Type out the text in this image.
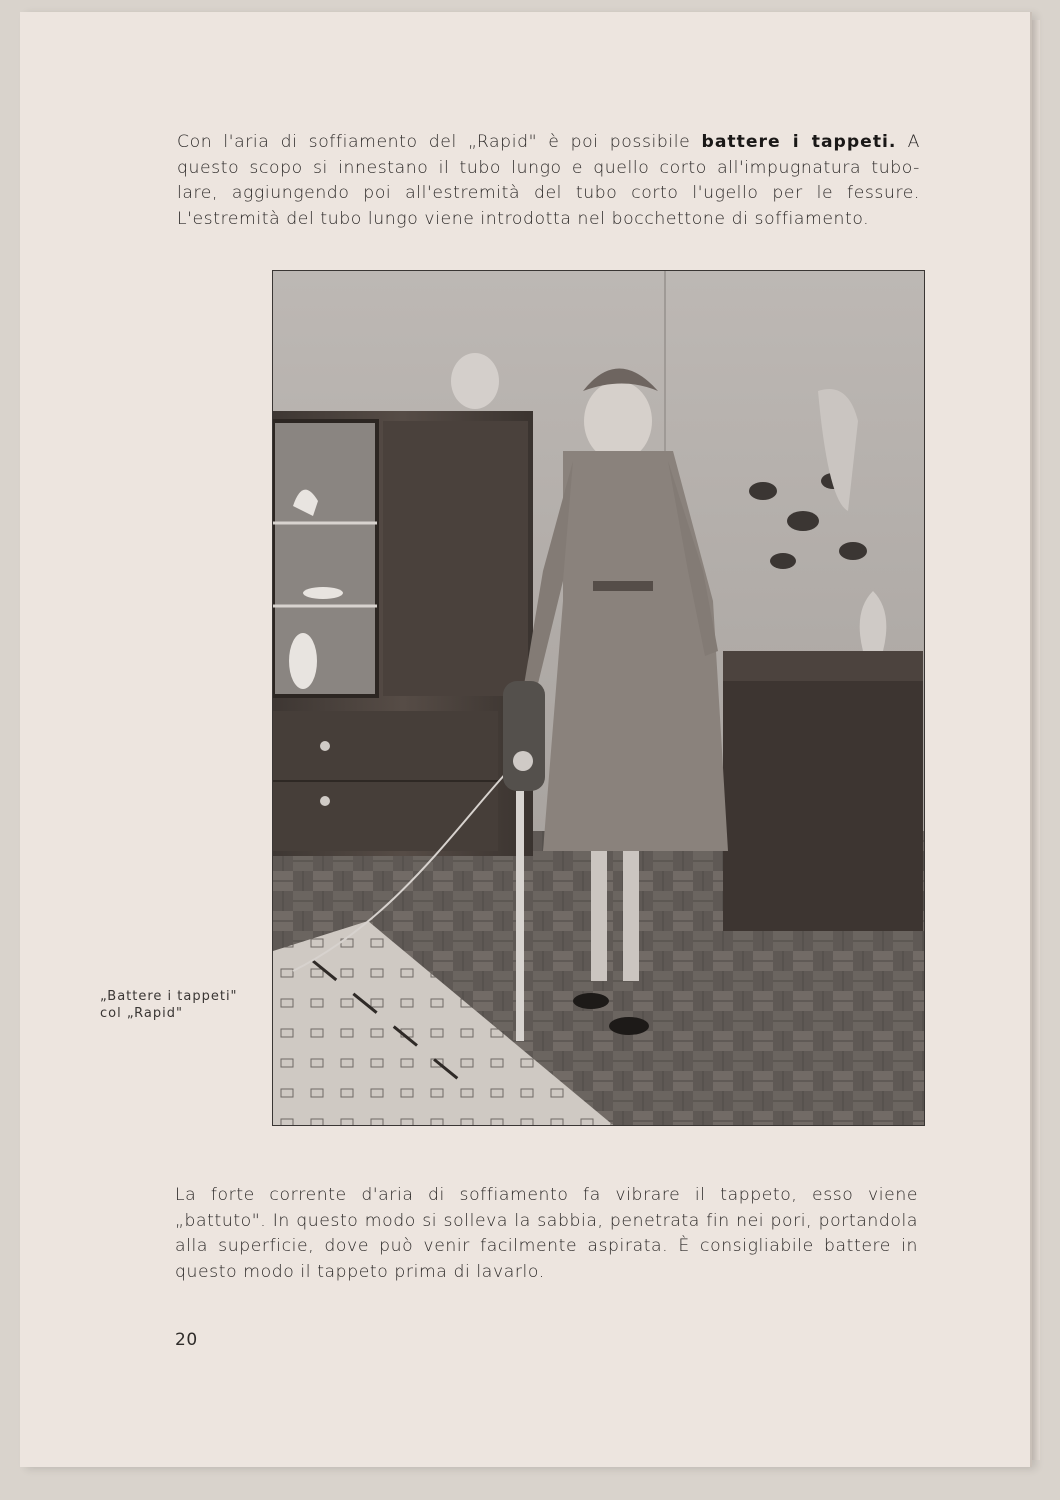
Con l'aria di soffiamento del „Rapid" è poi possibile battere i tappeti. A
questo scopo si innestano il tubo lungo e quello corto all'impugnatura tubo-
lare, aggiungendo poi all'estremità del tubo corto l'ugello per le fessure.
L'estremità del tubo lungo viene introdotta nel bocchettone di soffiamento.

„Battere i tappeti"
col „Rapid"

La forte corrente d'aria di soffiamento fa vibrare il tappeto, esso viene
„battuto". In questo modo si solleva la sabbia, penetrata fin nei pori, portandola
alla superficie, dove può venir facilmente aspirata. È consigliabile battere in
questo modo il tappeto prima di lavarlo.

20
